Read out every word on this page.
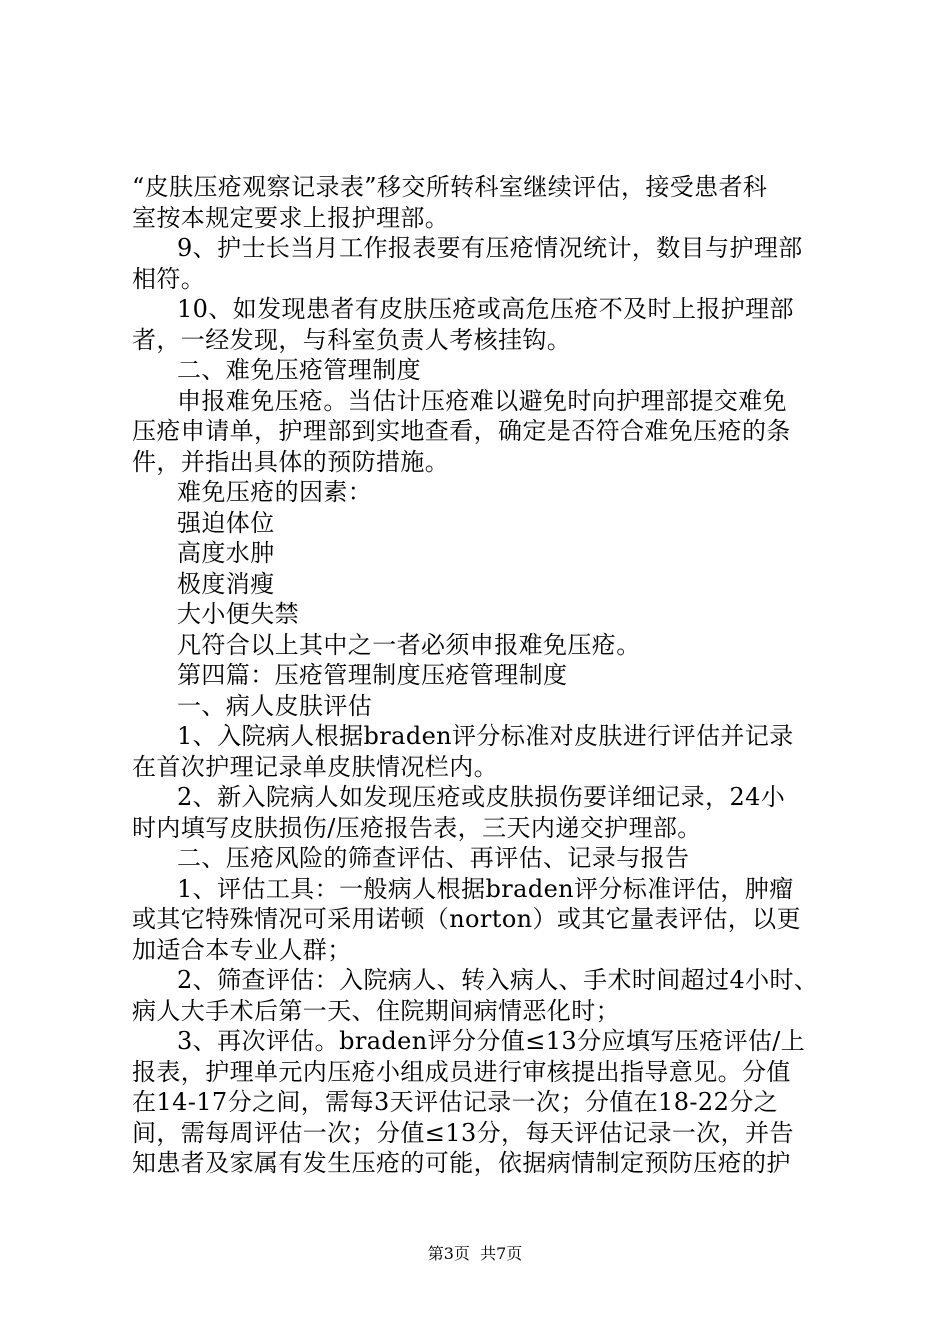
“皮肤压疮观察记录表”移交所转科室继续评估，接受患者科
室按本规定要求上报护理部。
9、护士长当月工作报表要有压疮情况统计，数目与护理部
相符。
10、如发现患者有皮肤压疮或高危压疮不及时上报护理部
者，一经发现，与科室负责人考核挂钩。
二、难免压疮管理制度
申报难免压疮。当估计压疮难以避免时向护理部提交难免
压疮申请单，护理部到实地查看，确定是否符合难免压疮的条
件，并指出具体的预防措施。
难免压疮的因素：
强迫体位
高度水肿
极度消瘦
大小便失禁
凡符合以上其中之一者必须申报难免压疮。
第四篇：压疮管理制度压疮管理制度
一、病人皮肤评估
1、入院病人根据braden评分标准对皮肤进行评估并记录
在首次护理记录单皮肤情况栏内。
2、新入院病人如发现压疮或皮肤损伤要详细记录，24小
时内填写皮肤损伤/压疮报告表，三天内递交护理部。
二、压疮风险的筛查评估、再评估、记录与报告
1、评估工具：一般病人根据braden评分标准评估，肿瘤
或其它特殊情况可采用诺顿（norton）或其它量表评估，以更
加适合本专业人群；
2、筛查评估：入院病人、转入病人、手术时间超过4小时、
病人大手术后第一天、住院期间病情恶化时；
3、再次评估。braden评分分值≤13分应填写压疮评估/上
报表，护理单元内压疮小组成员进行审核提出指导意见。分值
在14-17分之间，需每3天评估记录一次；分值在18-22分之
间，需每周评估一次；分值≤13分，每天评估记录一次，并告
知患者及家属有发生压疮的可能，依据病情制定预防压疮的护
第3页  共7页
